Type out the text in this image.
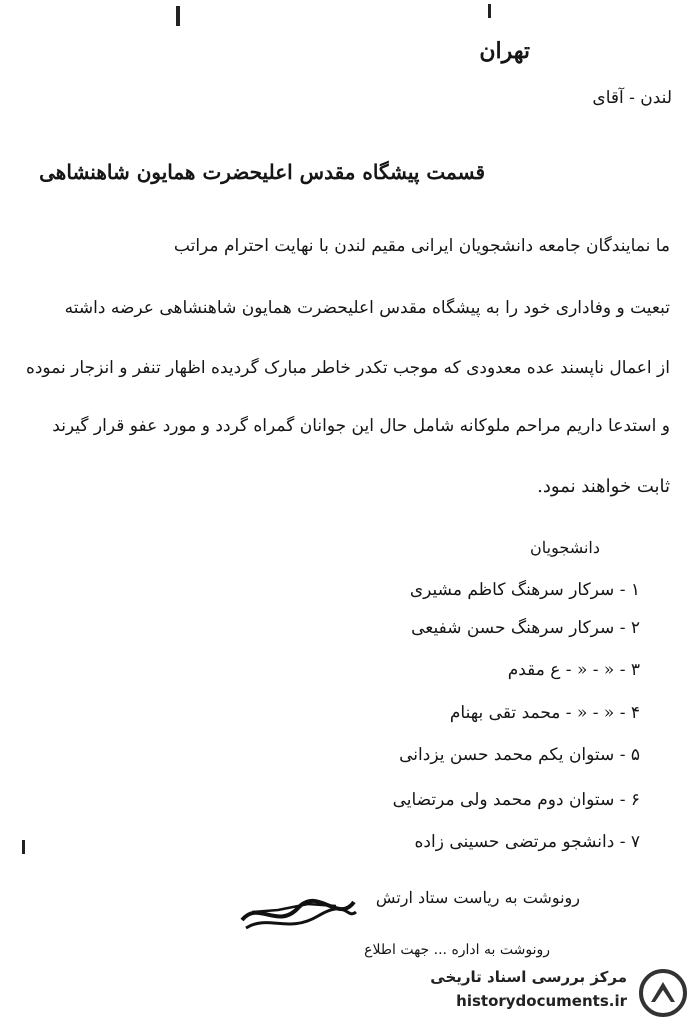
تهران
لندن - آقای
قسمت پیشگاه مقدس اعلیحضرت همایون شاهنشاهی
ما نمایندگان جامعه دانشجویان ایرانی مقیم لندن با نهایت احترام مراتب
تبعیت و وفاداری خود را به پیشگاه مقدس اعلیحضرت همایون شاهنشاهی عرضه داشته
از اعمال ناپسند عده معدودی که موجب تکدر خاطر مبارک گردیده اظهار تنفر و انزجار نموده
و استدعا داریم مراحم ملوکانه شامل حال این جوانان گمراه گردد و مورد عفو قرار گیرند
ثابت خواهند نمود.
دانشجویان
۱ - سرکار سرهنگ کاظم مشیری
۲ - سرکار سرهنگ حسن شفیعی
۳ - « - « - ع مقدم
۴ - « - « - محمد تقی بهنام
۵ - ستوان یکم محمد حسن یزدانی
۶ - ستوان دوم محمد ولی مرتضایی
۷ - دانشجو مرتضی حسینی زاده
رونوشت به ریاست ستاد ارتش
رونوشت به اداره ... جهت اطلاع
مرکز بررسی اسناد تاریخی
historydocuments.ir
